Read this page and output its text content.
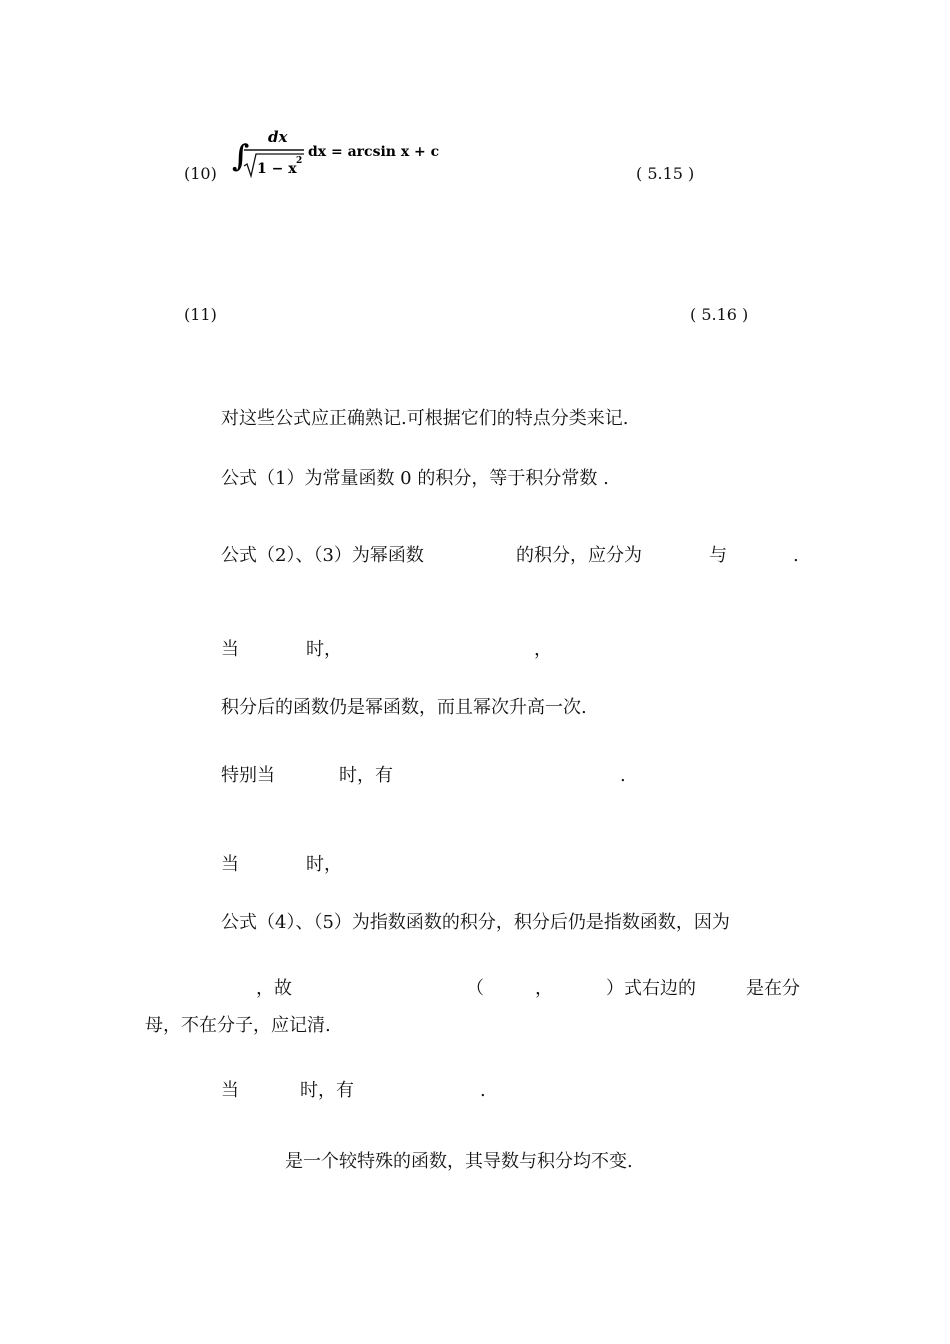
∫
dx
1 − x 2
dx = arcsin x + c
(10)	( 5.15 )
(11)	( 5.16 )
对这些公式应正确熟记.可根据它们的特点分类来记.
公式（1）为常量函数 0 的积分，等于积分常数 .
公式（2）、（3）为幂函数	的积分，应分为	与	.
当	时，	，
积分后的函数仍是幂函数，而且幂次升高一次.
特别当	时，有	.
当	时，
公式（4）、（5）为指数函数的积分，积分后仍是指数函数，因为
，故	（	，	）式右边的	是在分
母，不在分子，应记清.
当	时，有	.
是一个较特殊的函数，其导数与积分均不变.
